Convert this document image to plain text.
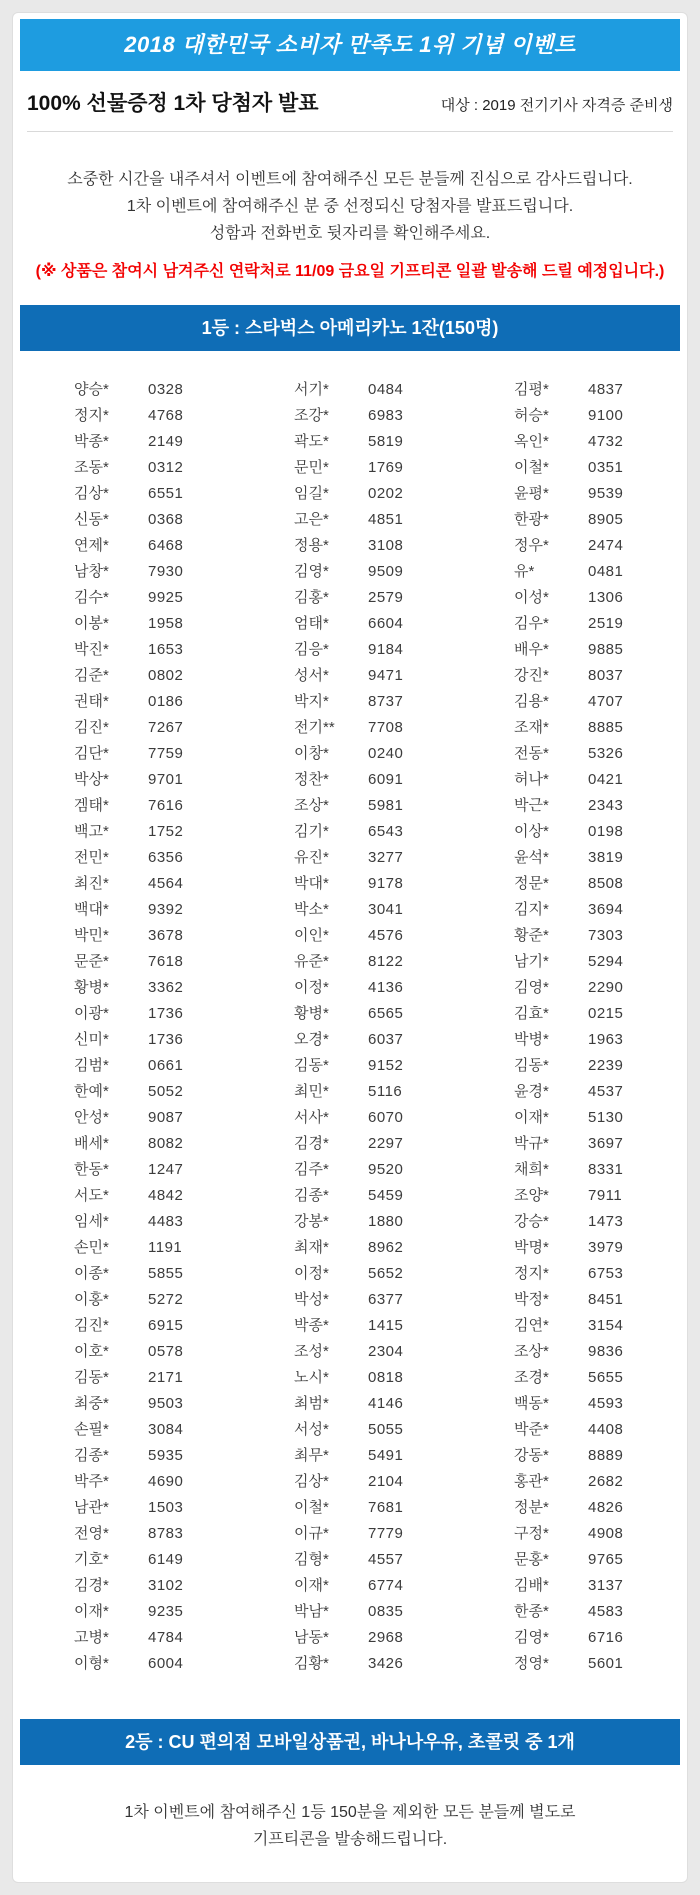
2018 대한민국 소비자 만족도 1위 기념 이벤트
100% 선물증정 1차 당첨자 발표	대상 : 2019 전기기사 자격증 준비생

소중한 시간을 내주셔서 이벤트에 참여해주신 모든 분들께 진심으로 감사드립니다.

1차 이벤트에 참여해주신 분 중 선정되신 당첨자를 발표드립니다.

성함과 전화번호 뒷자리를 확인해주세요.

(※ 상품은 참여시 남겨주신 연락처로 11/09 금요일 기프티콘 일괄 발송해 드릴 예정입니다.)

1등 : 스타벅스 아메리카노 1잔(150명)
양승*	0328
정지*	4768
박종*	2149
조동*	0312
김상*	6551
신동*	0368
연제*	6468
남창*	7930
김수*	9925
이봉*	1958
박진*	1653
김준*	0802
권태*	0186
김진*	7267
김단*	7759
박상*	9701
겜태*	7616
백고*	1752
전민*	6356
최진*	4564
백대*	9392
박민*	3678
문준*	7618
황병*	3362
이광*	1736
신미*	1736
김범*	0661
한예*	5052
안성*	9087
배세*	8082
한동*	1247
서도*	4842
임세*	4483
손민*	1191
이종*	5855
이홍*	5272
김진*	6915
이호*	0578
김동*	2171
최중*	9503
손필*	3084
김종*	5935
박주*	4690
남관*	1503
전영*	8783
기호*	6149
김경*	3102
이재*	9235
고병*	4784
이형*	6004
서기*	0484
조강*	6983
곽도*	5819
문민*	1769
임길*	0202
고은*	4851
정용*	3108
김영*	9509
김홍*	2579
엄태*	6604
김응*	9184
성서*	9471
박지*	8737
전기**	7708
이창*	0240
정찬*	6091
조상*	5981
김기*	6543
유진*	3277
박대*	9178
박소*	3041
이인*	4576
유준*	8122
이정*	4136
황병*	6565
오경*	6037
김동*	9152
최민*	5116
서사*	6070
김경*	2297
김주*	9520
김종*	5459
강봉*	1880
최재*	8962
이정*	5652
박성*	6377
박종*	1415
조성*	2304
노시*	0818
최범*	4146
서성*	5055
최무*	5491
김상*	2104
이철*	7681
이규*	7779
김형*	4557
이재*	6774
박남*	0835
남동*	2968
김황*	3426
김평*	4837
허승*	9100
옥인*	4732
이철*	0351
윤평*	9539
한광*	8905
정우*	2474
유*	0481
이성*	1306
김우*	2519
배우*	9885
강진*	8037
김용*	4707
조재*	8885
전동*	5326
허나*	0421
박근*	2343
이상*	0198
윤석*	3819
정문*	8508
김지*	3694
황준*	7303
남기*	5294
김영*	2290
김효*	0215
박병*	1963
김동*	2239
윤경*	4537
이재*	5130
박규*	3697
채희*	8331
조양*	7911
강승*	1473
박명*	3979
정지*	6753
박정*	8451
김연*	3154
조상*	9836
조경*	5655
백동*	4593
박준*	4408
강동*	8889
홍관*	2682
정분*	4826
구정*	4908
문홍*	9765
김배*	3137
한종*	4583
김영*	6716
정영*	5601
2등 : CU 편의점 모바일상품권, 바나나우유, 초콜릿 중 1개

1차 이벤트에 참여해주신 1등 150분을 제외한 모든 분들께 별도로

기프티콘을 발송해드립니다.
